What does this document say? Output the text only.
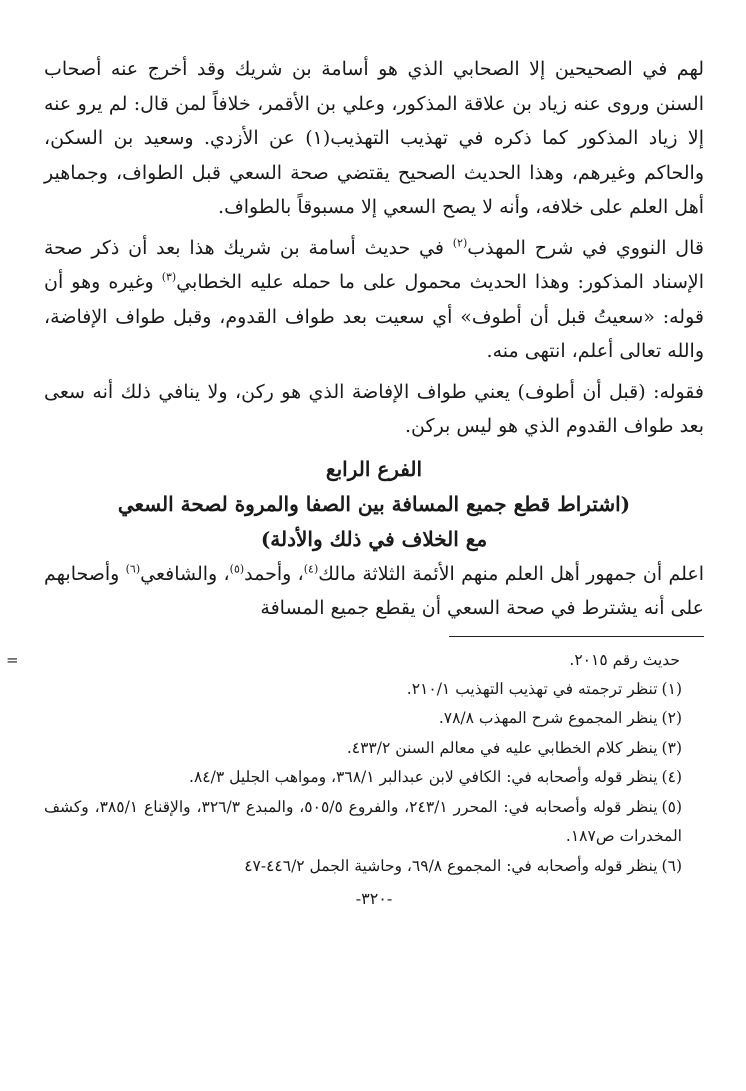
لهم في الصحيحين إلا الصحابي الذي هو أسامة بن شريك وقد أخرج عنه أصحاب السنن وروى عنه زياد بن علاقة المذكور، وعلي بن الأقمر، خلافاً لمن قال: لم يرو عنه إلا زياد المذكور كما ذكره في تهذيب التهذيب(١) عن الأزدي. وسعيد بن السكن، والحاكم وغيرهم، وهذا الحديث الصحيح يقتضي صحة السعي قبل الطواف، وجماهير أهل العلم على خلافه، وأنه لا يصح السعي إلا مسبوقاً بالطواف.

قال النووي في شرح المهذب$^{(٢)}$ في حديث أسامة بن شريك هذا بعد أن ذكر صحة الإسناد المذكور: وهذا الحديث محمول على ما حمله عليه الخطابي$^{(٣)}$ وغيره وهو أن قوله: «سعيتُ قبل أن أطوف» أي سعيت بعد طواف القدوم، وقبل طواف الإفاضة، والله تعالى أعلم، انتهى منه.

فقوله: (قبل أن أطوف) يعني طواف الإفاضة الذي هو ركن، ولا ينافي ذلك أنه سعى بعد طواف القدوم الذي هو ليس بركن.

الفرع الرابع

(اشتراط قطع جميع المسافة بين الصفا والمروة لصحة السعي

مع الخلاف في ذلك والأدلة)

اعلم أن جمهور أهل العلم منهم الأئمة الثلاثة مالك$^{(٤)}$، وأحمد$^{(٥)}$، والشافعي$^{(٦)}$ وأصحابهم على أنه يشترط في صحة السعي أن يقطع جميع المسافة

=	حديث رقم ٢٠١٥.

(١)تنظر ترجمته في تهذيب التهذيب ٢١٠/١.

(٢)ينظر المجموع شرح المهذب ٧٨/٨.

(٣)ينظر كلام الخطابي عليه في معالم السنن ٤٣٣/٢.

(٤)ينظر قوله وأصحابه في: الكافي لابن عبدالبر ٣٦٨/١، ومواهب الجليل ٨٤/٣.

(٥)ينظر قوله وأصحابه في: المحرر ٢٤٣/١، والفروع ٥٠٥/٥، والمبدع ٣٢٦/٣، والإقناع ٣٨٥/١، وكشف المخدرات ص١٨٧.

(٦)ينظر قوله وأصحابه في: المجموع ٦٩/٨، وحاشية الجمل ٤٤٦/٢-٤٧

-٣٢٠-
